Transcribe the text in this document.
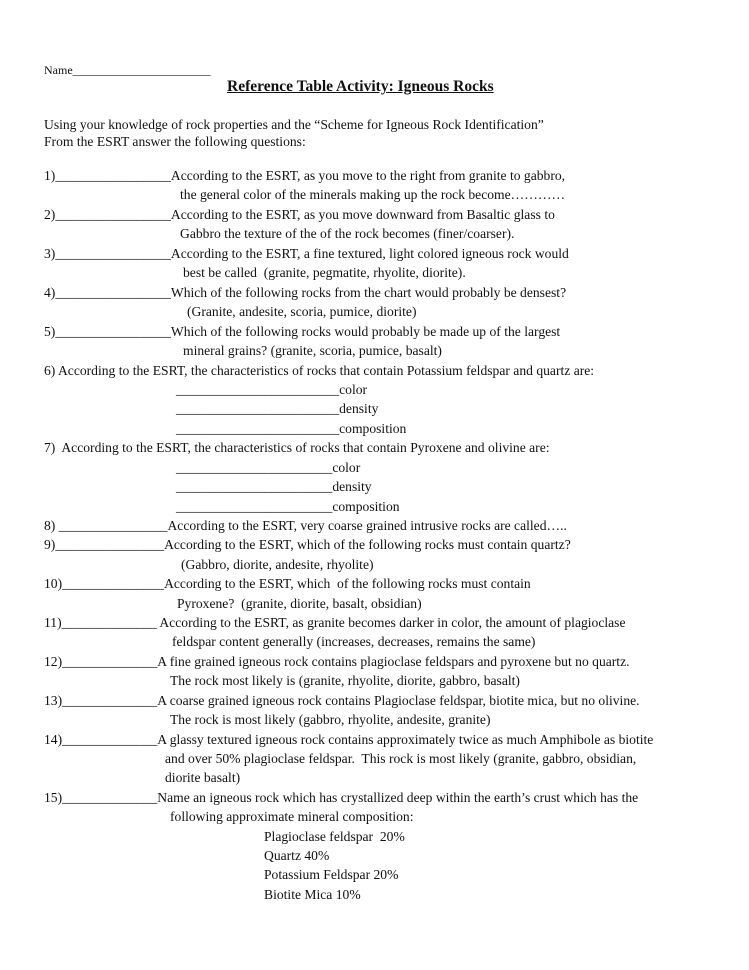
Name_______________________
Reference Table Activity: Igneous Rocks
Using your knowledge of rock properties and the “Scheme for Igneous Rock Identification”
From the ESRT answer the following questions:
1)_________________According to the ESRT, as you move to the right from granite to gabbro,
the general color of the minerals making up the rock become…………
2)_________________According to the ESRT, as you move downward from Basaltic glass to
Gabbro the texture of the of the rock becomes (finer/coarser).
3)_________________According to the ESRT, a fine textured, light colored igneous rock would
best be called  (granite, pegmatite, rhyolite, diorite).
4)_________________Which of the following rocks from the chart would probably be densest?
(Granite, andesite, scoria, pumice, diorite)
5)_________________Which of the following rocks would probably be made up of the largest
mineral grains? (granite, scoria, pumice, basalt)
6) According to the ESRT, the characteristics of rocks that contain Potassium feldspar and quartz are:
________________________color
________________________density
________________________composition
7)  According to the ESRT, the characteristics of rocks that contain Pyroxene and olivine are:
_______________________color
_______________________density
_______________________composition
8) ________________According to the ESRT, very coarse grained intrusive rocks are called…..
9)________________According to the ESRT, which of the following rocks must contain quartz?
(Gabbro, diorite, andesite, rhyolite)
10)_______________According to the ESRT, which  of the following rocks must contain
Pyroxene?  (granite, diorite, basalt, obsidian)
11)______________ According to the ESRT, as granite becomes darker in color, the amount of plagioclase
feldspar content generally (increases, decreases, remains the same)
12)______________A fine grained igneous rock contains plagioclase feldspars and pyroxene but no quartz.
The rock most likely is (granite, rhyolite, diorite, gabbro, basalt)
13)______________A coarse grained igneous rock contains Plagioclase feldspar, biotite mica, but no olivine.
The rock is most likely (gabbro, rhyolite, andesite, granite)
14)______________A glassy textured igneous rock contains approximately twice as much Amphibole as biotite
and over 50% plagioclase feldspar.  This rock is most likely (granite, gabbro, obsidian,
diorite basalt)
15)______________Name an igneous rock which has crystallized deep within the earth’s crust which has the
following approximate mineral composition:
Plagioclase feldspar  20%
Quartz 40%
Potassium Feldspar 20%
Biotite Mica 10%
